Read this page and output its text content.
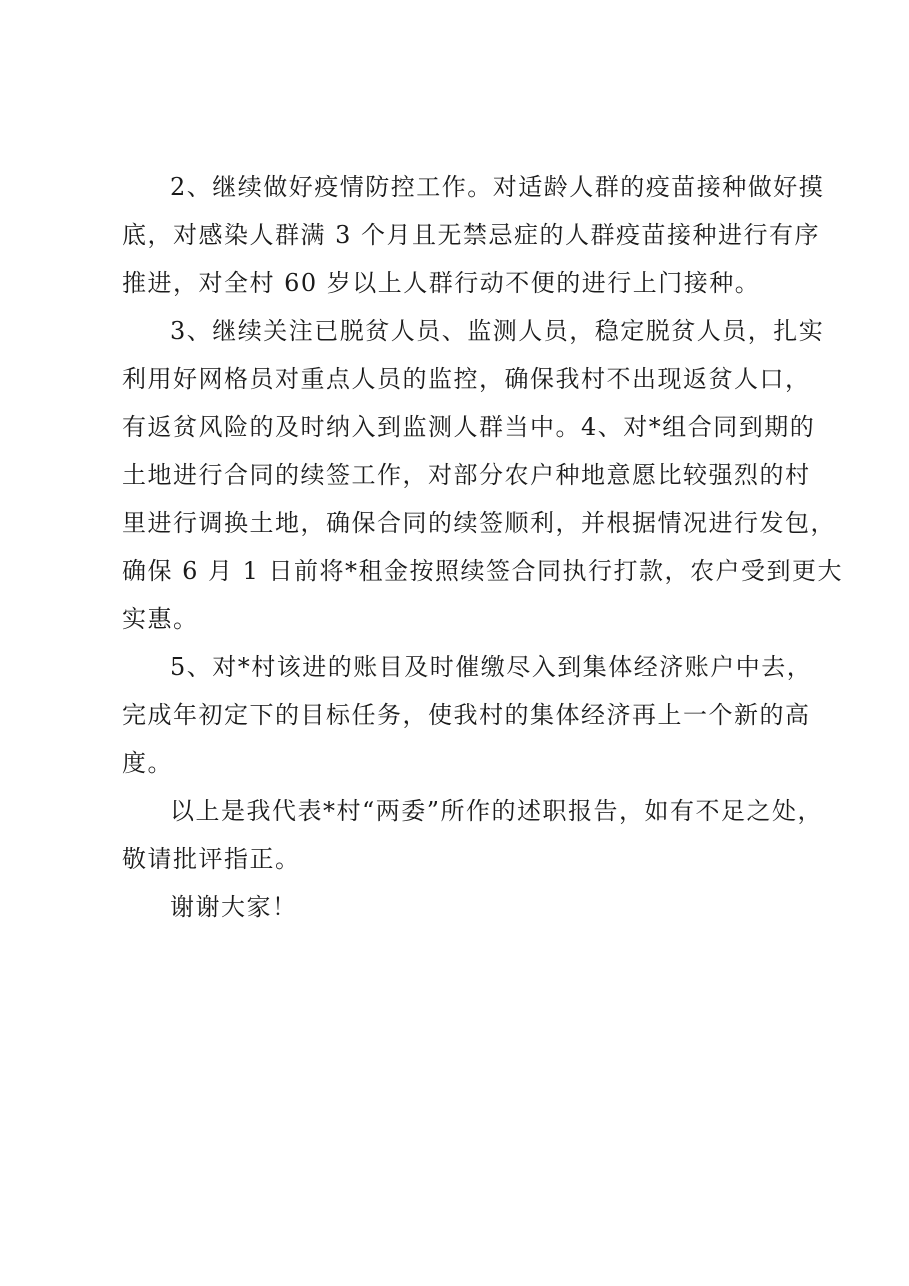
2、继续做好疫情防控工作。对适龄人群的疫苗接种做好摸
底，对感染人群满 3 个月且无禁忌症的人群疫苗接种进行有序
推进，对全村 60 岁以上人群行动不便的进行上门接种。
3、继续关注已脱贫人员、监测人员，稳定脱贫人员，扎实
利用好网格员对重点人员的监控，确保我村不出现返贫人口，
有返贫风险的及时纳入到监测人群当中。4、对*组合同到期的
土地进行合同的续签工作，对部分农户种地意愿比较强烈的村
里进行调换土地，确保合同的续签顺利，并根据情况进行发包，
确保 6 月 1 日前将*租金按照续签合同执行打款，农户受到更大
实惠。
5、对*村该进的账目及时催缴尽入到集体经济账户中去，
完成年初定下的目标任务，使我村的集体经济再上一个新的高
度。
以上是我代表*村“两委”所作的述职报告，如有不足之处，
敬请批评指正。
谢谢大家！
